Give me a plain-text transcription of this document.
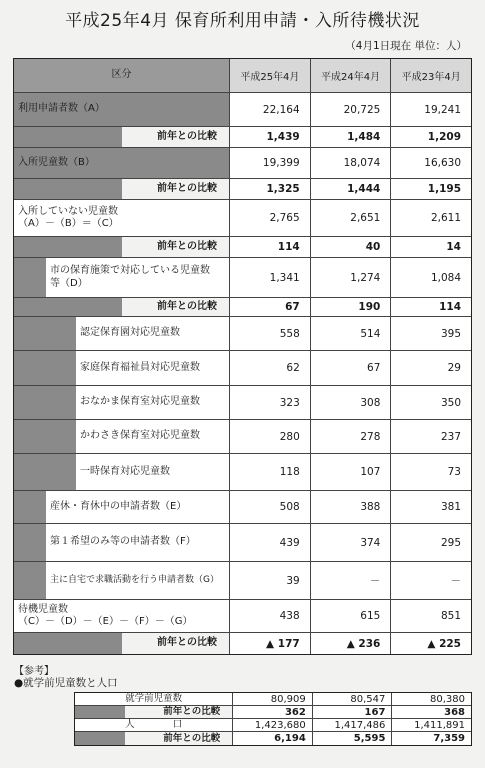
平成25年4月 保育所利用申請・入所待機状況
（4月1日現在 単位：人）
区分	平成25年4月	平成24年4月	平成23年4月
利用申請者数（A）	22,164	20,725	19,241
前年との比較	1,439	1,484	1,209
入所児童数（B）	19,399	18,074	16,630
前年との比較	1,325	1,444	1,195
入所していない児童数
（A）－（B）＝（C）	2,765	2,651	2,611
前年との比較	114	40	14
市の保育施策で対応している児童数
等（D）	1,341	1,274	1,084
前年との比較	67	190	114
認定保育園対応児童数	558	514	395
家庭保育福祉員対応児童数	62	67	29
おなかま保育室対応児童数	323	308	350
かわさき保育室対応児童数	280	278	237
一時保育対応児童数	118	107	73
産休・育休中の申請者数（E）	508	388	381
第１希望のみ等の申請者数（F）	439	374	295
主に自宅で求職活動を行う申請者数（G）	39	－	－
待機児童数
（C）－（D）－（E）－（F）－（G）	438	615	851
前年との比較	▲ 177	▲ 236	▲ 225
【参考】
●就学前児童数と人口
就学前児童数	80,909	80,547	80,380
前年との比較	362	167	368
人　　　　口	1,423,680	1,417,486	1,411,891
前年との比較	6,194	5,595	7,359
